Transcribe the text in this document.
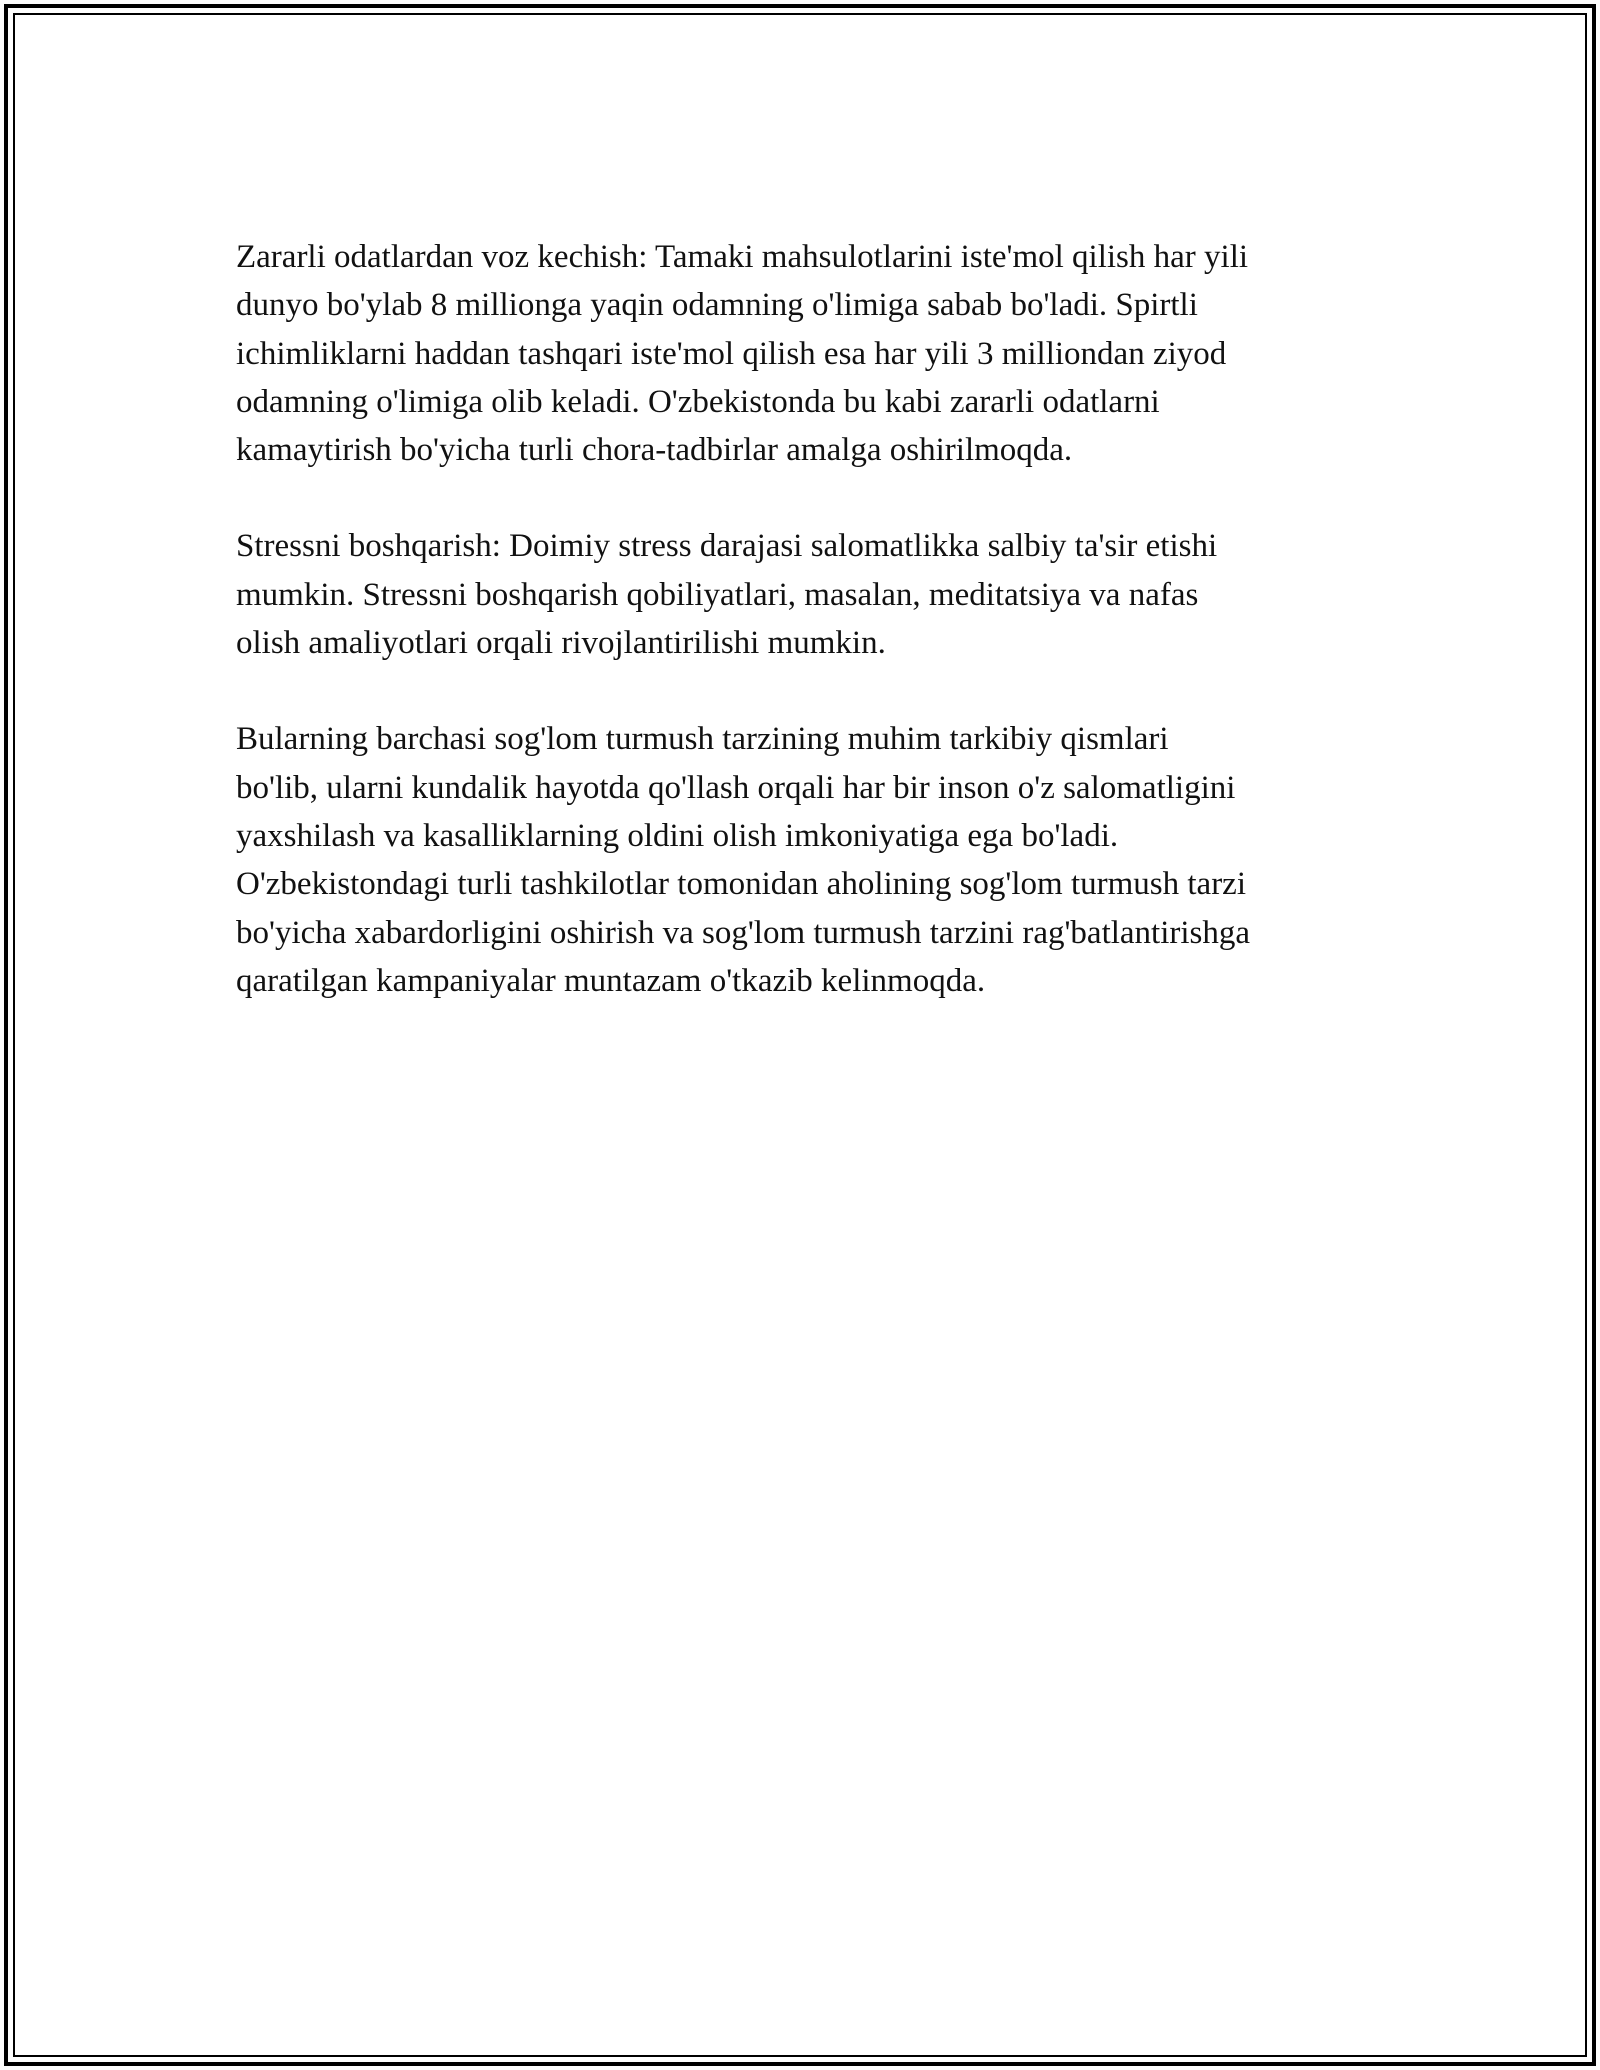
Zararli odatlardan voz kechish: Tamaki mahsulotlarini iste'mol qilish har yili
dunyo bo'ylab 8 millionga yaqin odamning o'limiga sabab bo'ladi. Spirtli
ichimliklarni haddan tashqari iste'mol qilish esa har yili 3 milliondan ziyod
odamning o'limiga olib keladi. O'zbekistonda bu kabi zararli odatlarni
kamaytirish bo'yicha turli chora-tadbirlar amalga oshirilmoqda.

Stressni boshqarish: Doimiy stress darajasi salomatlikka salbiy ta'sir etishi
mumkin. Stressni boshqarish qobiliyatlari, masalan, meditatsiya va nafas
olish amaliyotlari orqali rivojlantirilishi mumkin.

Bularning barchasi sog'lom turmush tarzining muhim tarkibiy qismlari
bo'lib, ularni kundalik hayotda qo'llash orqali har bir inson o'z salomatligini
yaxshilash va kasalliklarning oldini olish imkoniyatiga ega bo'ladi.
O'zbekistondagi turli tashkilotlar tomonidan aholining sog'lom turmush tarzi
bo'yicha xabardorligini oshirish va sog'lom turmush tarzini rag'batlantirishga
qaratilgan kampaniyalar muntazam o'tkazib kelinmoqda.
